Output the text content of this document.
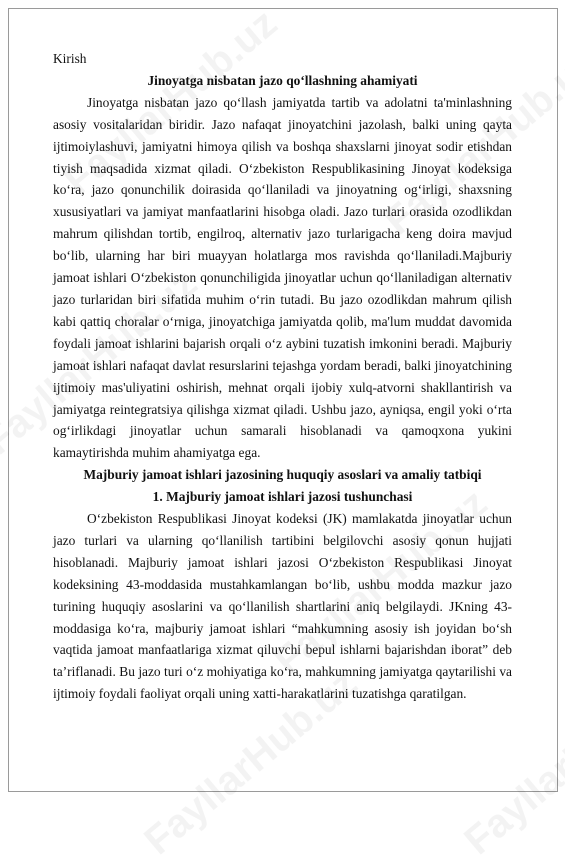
Kirish

Jinoyatga nisbatan jazo qo‘llashning ahamiyati

Jinoyatga nisbatan jazo qo‘llash jamiyatda tartib va adolatni ta'minlashning asosiy vositalaridan biridir. Jazo nafaqat jinoyatchini jazolash, balki uning qayta ijtimoiylashuvi, jamiyatni himoya qilish va boshqa shaxslarni jinoyat sodir etishdan tiyish maqsadida xizmat qiladi. O‘zbekiston Respublikasining Jinoyat kodeksiga ko‘ra, jazo qonunchilik doirasida qo‘llaniladi va jinoyatning og‘irligi, shaxsning xususiyatlari va jamiyat manfaatlarini hisobga oladi. Jazo turlari orasida ozodlikdan mahrum qilishdan tortib, engilroq, alternativ jazo turlarigacha keng doira mavjud bo‘lib, ularning har biri muayyan holatlarga mos ravishda qo‘llaniladi.Majburiy jamoat ishlari O‘zbekiston qonunchiligida jinoyatlar uchun qo‘llaniladigan alternativ jazo turlaridan biri sifatida muhim o‘rin tutadi. Bu jazo ozodlikdan mahrum qilish kabi qattiq choralar o‘rniga, jinoyatchiga jamiyatda qolib, ma'lum muddat davomida foydali jamoat ishlarini bajarish orqali o‘z aybini tuzatish imkonini beradi. Majburiy jamoat ishlari nafaqat davlat resurslarini tejashga yordam beradi, balki jinoyatchining ijtimoiy mas'uliyatini oshirish, mehnat orqali ijobiy xulq-atvorni shakllantirish va jamiyatga reintegratsiya qilishga xizmat qiladi. Ushbu jazo, ayniqsa, engil yoki o‘rta og‘irlikdagi jinoyatlar uchun samarali hisoblanadi va qamoqxona yukini kamaytirishda muhim ahamiyatga ega.

Majburiy jamoat ishlari jazosining huquqiy asoslari va amaliy tatbiqi

1. Majburiy jamoat ishlari jazosi tushunchasi

O‘zbekiston Respublikasi Jinoyat kodeksi (JK) mamlakatda jinoyatlar uchun jazo turlari va ularning qo‘llanilish tartibini belgilovchi asosiy qonun hujjati hisoblanadi. Majburiy jamoat ishlari jazosi O‘zbekiston Respublikasi Jinoyat kodeksining 43-moddasida mustahkamlangan bo‘lib, ushbu modda mazkur jazo turining huquqiy asoslarini va qo‘llanilish shartlarini aniq belgilaydi. JKning 43-moddasiga ko‘ra, majburiy jamoat ishlari “mahkumning asosiy ish joyidan bo‘sh vaqtida jamoat manfaatlariga xizmat qiluvchi bepul ishlarni bajarishdan iborat” deb ta’riflanadi. Bu jazo turi o‘z mohiyatiga ko‘ra, mahkumning jamiyatga qaytarilishi va ijtimoiy foydali faoliyat orqali uning xatti-harakatlarini tuzatishga qaratilgan.
